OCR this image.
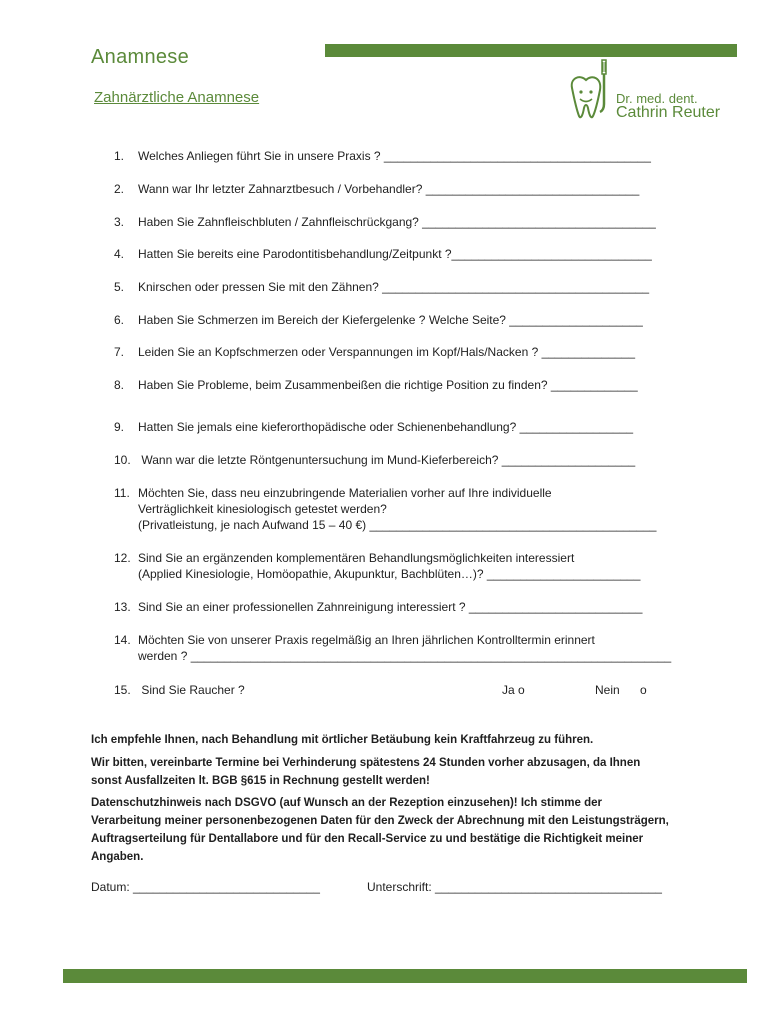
Anamnese
Zahnärztliche Anamnese	Dr. med. dent.
Cathrin Reuter
1. Welches Anliegen führt Sie in unsere Praxis ? ________________________________________
2. Wann war Ihr letzter Zahnarztbesuch / Vorbehandler? ________________________________
3. Haben Sie Zahnfleischbluten / Zahnfleischrückgang? ___________________________________
4. Hatten Sie bereits eine Parodontitisbehandlung/Zeitpunkt ?______________________________
5. Knirschen oder pressen Sie mit den Zähnen? ________________________________________
6. Haben Sie Schmerzen im Bereich der Kiefergelenke ? Welche Seite? ____________________
7. Leiden Sie an Kopfschmerzen oder Verspannungen im Kopf/Hals/Nacken ? ______________
8. Haben Sie Probleme, beim Zusammenbeißen die richtige Position zu finden? _____________
9. Hatten Sie jemals eine kieferorthopädische oder Schienenbehandlung? _________________
10. Wann war die letzte Röntgenuntersuchung im Mund-Kieferbereich? ____________________
11. Möchten Sie, dass neu einzubringende Materialien vorher auf Ihre individuelle
Verträglichkeit kinesiologisch getestet werden?
(Privatleistung, je nach Aufwand 15 – 40 €) ___________________________________________
12. Sind Sie an ergänzenden komplementären Behandlungsmöglichkeiten interessiert
(Applied Kinesiologie, Homöopathie, Akupunktur, Bachblüten…)? _______________________
13. Sind Sie an einer professionellen Zahnreinigung interessiert ? __________________________
14. Möchten Sie von unserer Praxis regelmäßig an Ihren jährlichen Kontrolltermin erinnert
werden ? ________________________________________________________________________
15. Sind Sie Raucher ?	Ja o	Nein o
Ich empfehle Ihnen, nach Behandlung mit örtlicher Betäubung kein Kraftfahrzeug zu führen.
Wir bitten, vereinbarte Termine bei Verhinderung spätestens 24 Stunden vorher abzusagen, da Ihnen sonst Ausfallzeiten lt. BGB §615 in Rechnung gestellt werden!
Datenschutzhinweis nach DSGVO (auf Wunsch an der Rezeption einzusehen)! Ich stimme der Verarbeitung meiner personenbezogenen Daten für den Zweck der Abrechnung mit den Leistungsträgern, Auftragserteilung für Dentallabore und für den Recall-Service zu und bestätige die Richtigkeit meiner Angaben.
Datum: ____________________________	Unterschrift: __________________________________
